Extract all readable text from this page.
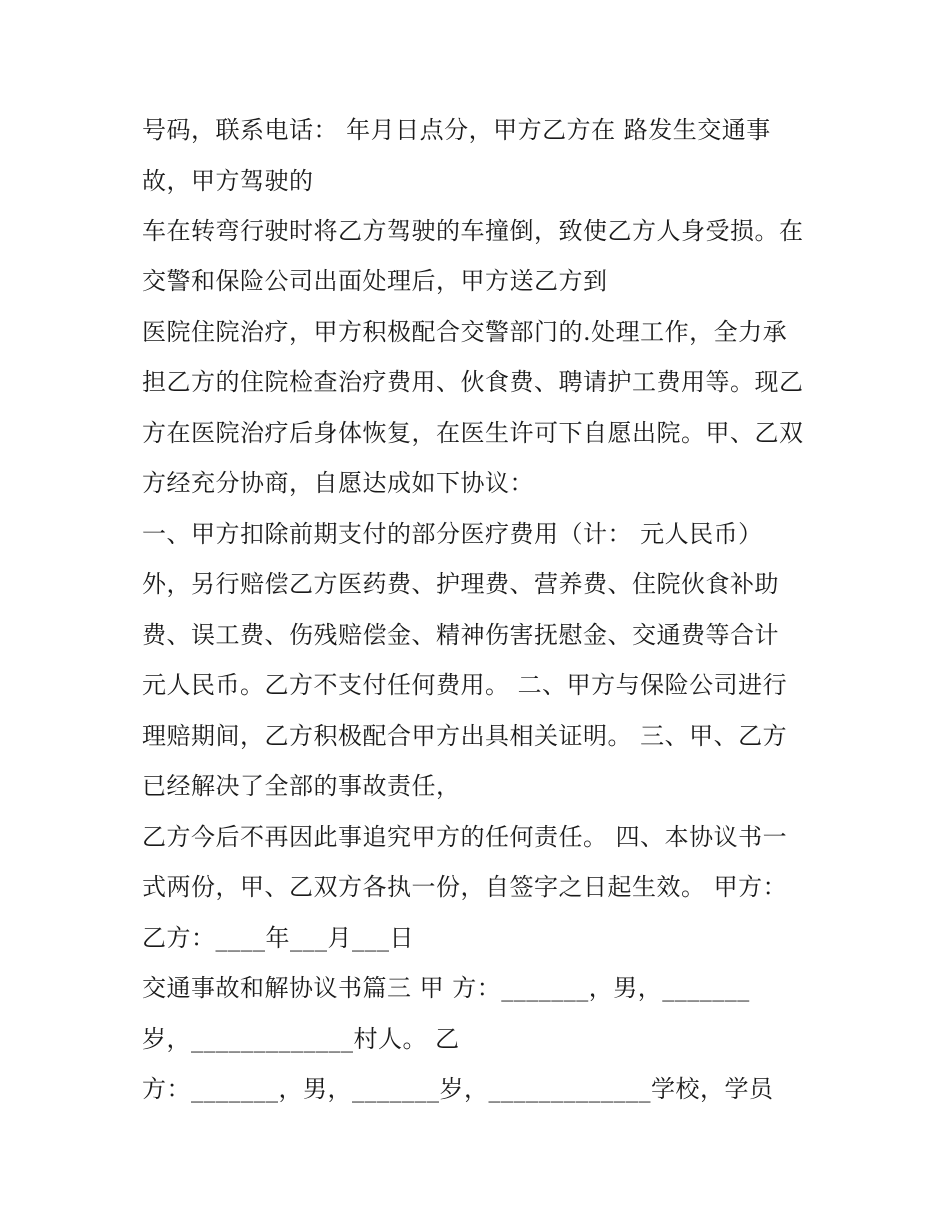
号码，联系电话： 年月日点分，甲方乙方在 路发生交通事
故，甲方驾驶的
车在转弯行驶时将乙方驾驶的车撞倒，致使乙方人身受损。在
交警和保险公司出面处理后，甲方送乙方到
医院住院治疗，甲方积极配合交警部门的.处理工作，全力承
担乙方的住院检查治疗费用、伙食费、聘请护工费用等。现乙
方在医院治疗后身体恢复，在医生许可下自愿出院。甲、乙双
方经充分协商，自愿达成如下协议：
一、甲方扣除前期支付的部分医疗费用（计： 元人民币）
外，另行赔偿乙方医药费、护理费、营养费、住院伙食补助
费、误工费、伤残赔偿金、精神伤害抚慰金、交通费等合计
元人民币。乙方不支付任何费用。 二、甲方与保险公司进行
理赔期间，乙方积极配合甲方出具相关证明。 三、甲、乙方
已经解决了全部的事故责任，
乙方今后不再因此事追究甲方的任何责任。 四、本协议书一
式两份，甲、乙双方各执一份，自签字之日起生效。 甲方：
乙方：____年___月___日
交通事故和解协议书篇三 甲 方：_______，男，_______
岁，_____________村人。 乙
方：_______，男，_______岁，_____________学校，学员
